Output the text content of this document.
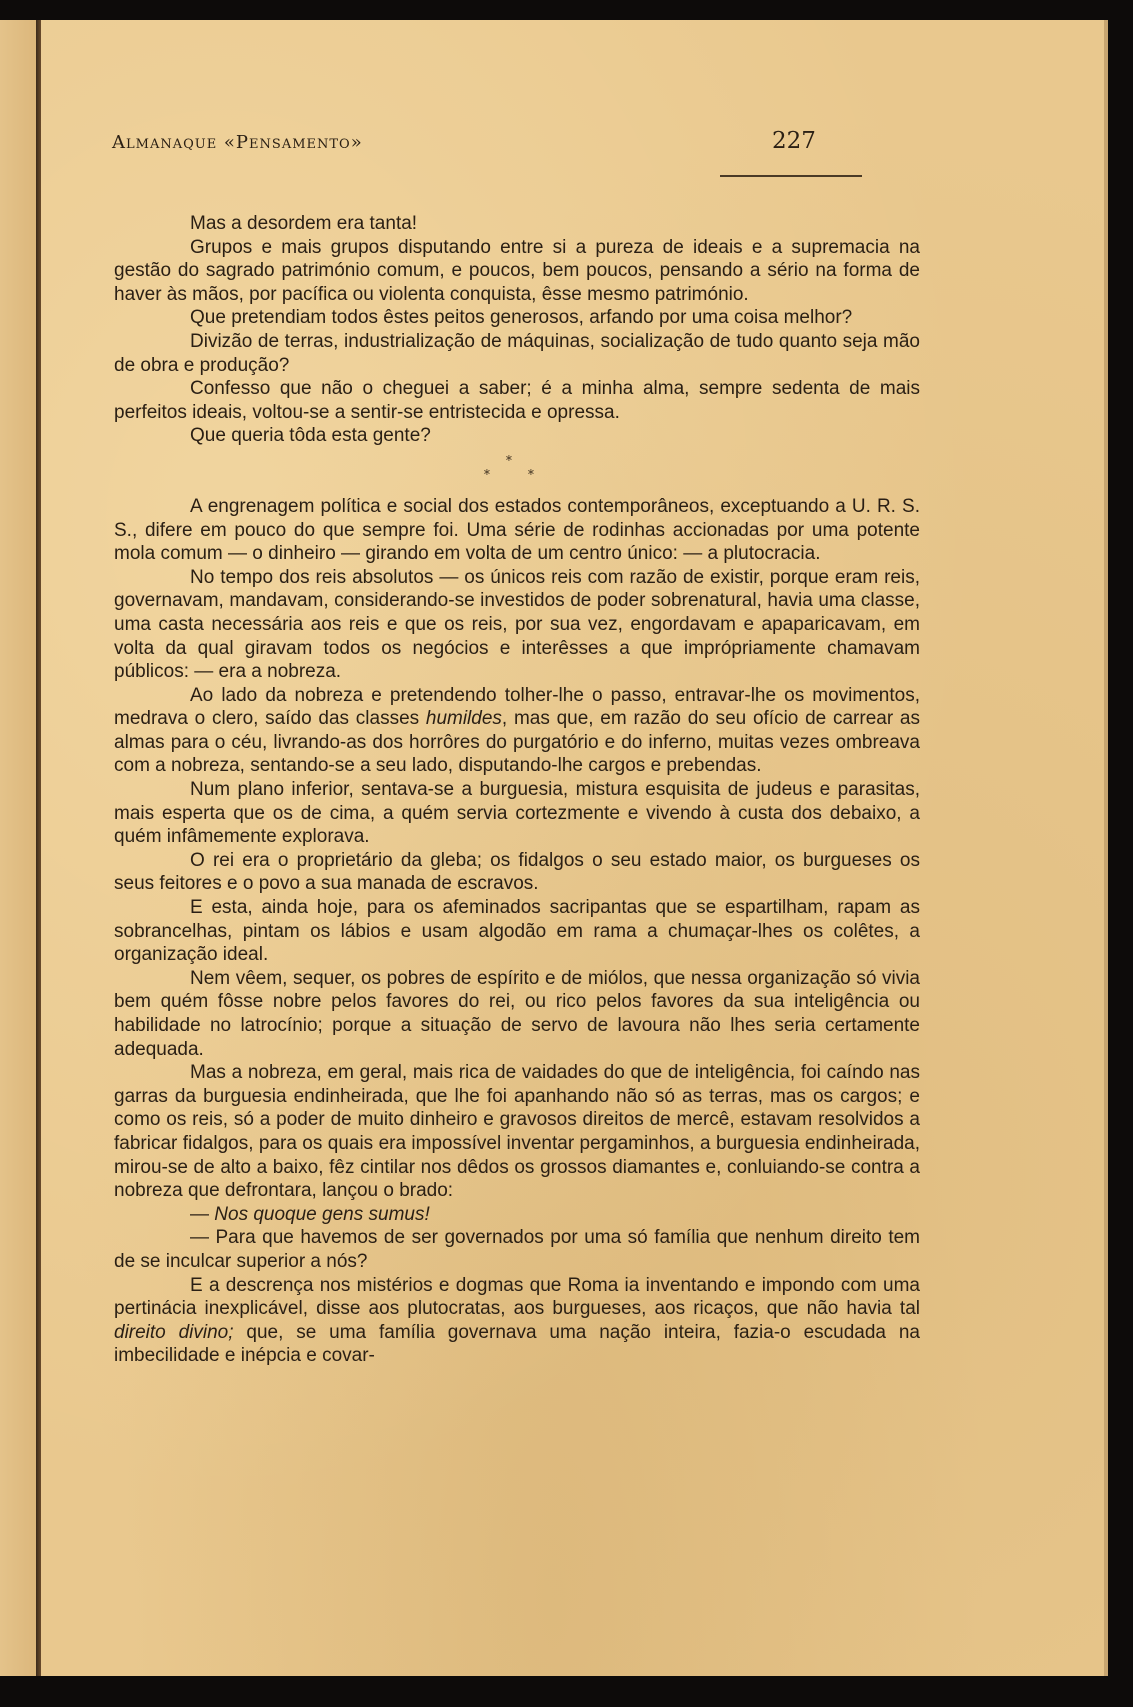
Almanaque «Pensamento»	227

Mas a desordem era tanta!

Grupos e mais grupos disputando entre si a pureza de ideais e a supremacia na gestão do sagrado património comum, e poucos, bem poucos, pensando a sério na forma de haver às mãos, por pacífica ou violenta conquista, êsse mesmo património.

Que pretendiam todos êstes peitos generosos, arfando por uma coisa melhor?

Divizão de terras, industrialização de máquinas, socialização de tudo quanto seja mão de obra e produção?

Confesso que não o cheguei a saber; é a minha alma, sempre sedenta de mais perfeitos ideais, voltou-se a sentir-se entristecida e opressa.

Que queria tôda esta gente?

*
*	*

A engrenagem política e social dos estados contemporâneos, exceptuando a U. R. S. S., difere em pouco do que sempre foi. Uma série de rodinhas accionadas por uma potente mola comum — o dinheiro — girando em volta de um centro único: — a plutocracia.

No tempo dos reis absolutos — os únicos reis com razão de existir, porque eram reis, governavam, mandavam, considerando-se investidos de poder sobrenatural, havia uma classe, uma casta necessária aos reis e que os reis, por sua vez, engordavam e apaparicavam, em volta da qual giravam todos os negócios e interêsses a que imprópriamente chamavam públicos: — era a nobreza.

Ao lado da nobreza e pretendendo tolher-lhe o passo, entravar-lhe os movimentos, medrava o clero, saído das classes humildes, mas que, em razão do seu ofício de carrear as almas para o céu, livrando-as dos horrôres do purgatório e do inferno, muitas vezes ombreava com a nobreza, sentando-se a seu lado, disputando-lhe cargos e prebendas.

Num plano inferior, sentava-se a burguesia, mistura esquisita de judeus e parasitas, mais esperta que os de cima, a quém servia cortezmente e vivendo à custa dos debaixo, a quém infâmemente explorava.

O rei era o proprietário da gleba; os fidalgos o seu estado maior, os burgueses os seus feitores e o povo a sua manada de escravos.

E esta, ainda hoje, para os afeminados sacripantas que se espartilham, rapam as sobrancelhas, pintam os lábios e usam algodão em rama a chumaçar-lhes os colêtes, a organização ideal.

Nem vêem, sequer, os pobres de espírito e de miólos, que nessa organização só vivia bem quém fôsse nobre pelos favores do rei, ou rico pelos favores da sua inteligência ou habilidade no latrocínio; porque a situação de servo de lavoura não lhes seria certamente adequada.

Mas a nobreza, em geral, mais rica de vaidades do que de inteligência, foi caíndo nas garras da burguesia endinheirada, que lhe foi apanhando não só as terras, mas os cargos; e como os reis, só a poder de muito dinheiro e gravosos direitos de mercê, estavam resolvidos a fabricar fidalgos, para os quais era impossível inventar pergaminhos, a burguesia endinheirada, mirou-se de alto a baixo, fêz cintilar nos dêdos os grossos diamantes e, conluiando-se contra a nobreza que defrontara, lançou o brado:

— Nos quoque gens sumus!

— Para que havemos de ser governados por uma só família que nenhum direito tem de se inculcar superior a nós?

E a descrença nos mistérios e dogmas que Roma ia inventando e impondo com uma pertinácia inexplicável, disse aos plutocratas, aos burgueses, aos ricaços, que não havia tal direito divino; que, se uma família governava uma nação inteira, fazia-o escudada na imbecilidade e inépcia e covar-
